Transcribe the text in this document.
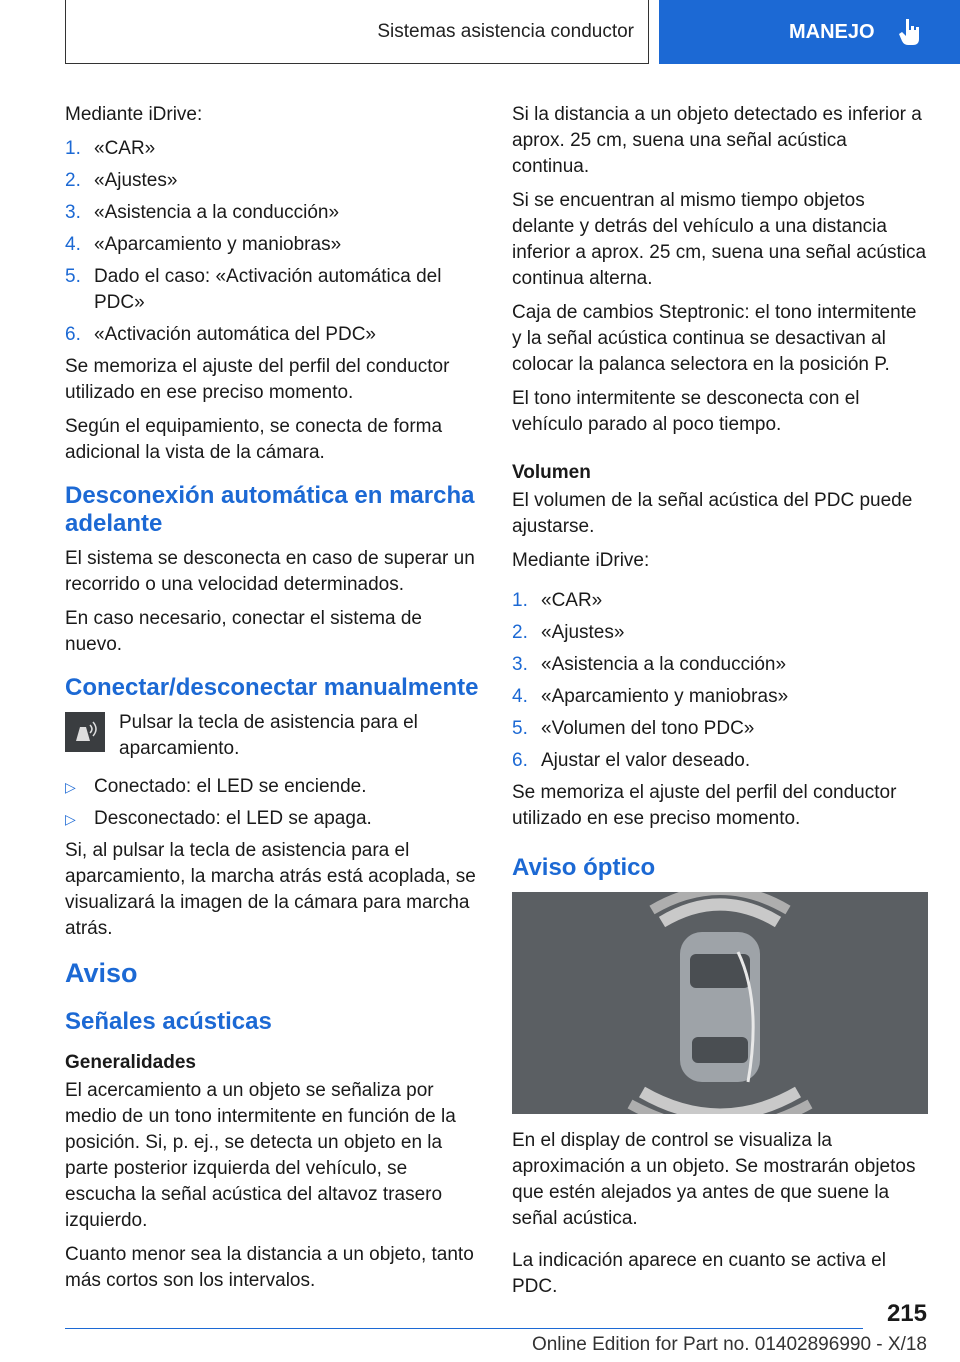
Sistemas asistencia conductor	MANEJO

Mediante iDrive:

1. «CAR»
2. «Ajustes»
3. «Asistencia a la conducción»
4. «Aparcamiento y maniobras»
5. Dado el caso: «Activación automática del PDC»
6. «Activación automática del PDC»

Se memoriza el ajuste del perfil del conductor utilizado en ese preciso momento.

Según el equipamiento, se conecta de forma adicional la vista de la cámara.

Desconexión automática en marcha adelante

El sistema se desconecta en caso de superar un recorrido o una velocidad determinados.

En caso necesario, conectar el sistema de nuevo.

Conectar/desconectar manualmente
Pulsar la tecla de asistencia para el aparcamiento.
▷ Conectado: el LED se enciende.
▷ Desconectado: el LED se apaga.

Si, al pulsar la tecla de asistencia para el aparcamiento, la marcha atrás está acoplada, se visualizará la imagen de la cámara para marcha atrás.

Aviso
Señales acústicas
Generalidades

El acercamiento a un objeto se señaliza por medio de un tono intermitente en función de la posición. Si, p. ej., se detecta un objeto en la parte posterior izquierda del vehículo, se escucha la señal acústica del altavoz trasero izquierdo.

Cuanto menor sea la distancia a un objeto, tanto más cortos son los intervalos.

Si la distancia a un objeto detectado es inferior a aprox. 25 cm, suena una señal acústica continua.

Si se encuentran al mismo tiempo objetos delante y detrás del vehículo a una distancia inferior a aprox. 25 cm, suena una señal acústica continua alterna.

Caja de cambios Steptronic: el tono intermitente y la señal acústica continua se desactivan al colocar la palanca selectora en la posición P.

El tono intermitente se desconecta con el vehículo parado al poco tiempo.

Volumen

El volumen de la señal acústica del PDC puede ajustarse.

Mediante iDrive:

1. «CAR»
2. «Ajustes»
3. «Asistencia a la conducción»
4. «Aparcamiento y maniobras»
5. «Volumen del tono PDC»
6. Ajustar el valor deseado.

Se memoriza el ajuste del perfil del conductor utilizado en ese preciso momento.

Aviso óptico

En el display de control se visualiza la aproximación a un objeto. Se mostrarán objetos que estén alejados ya antes de que suene la señal acústica.

La indicación aparece en cuanto se activa el PDC.

215
Online Edition for Part no. 01402896990 - X/18
